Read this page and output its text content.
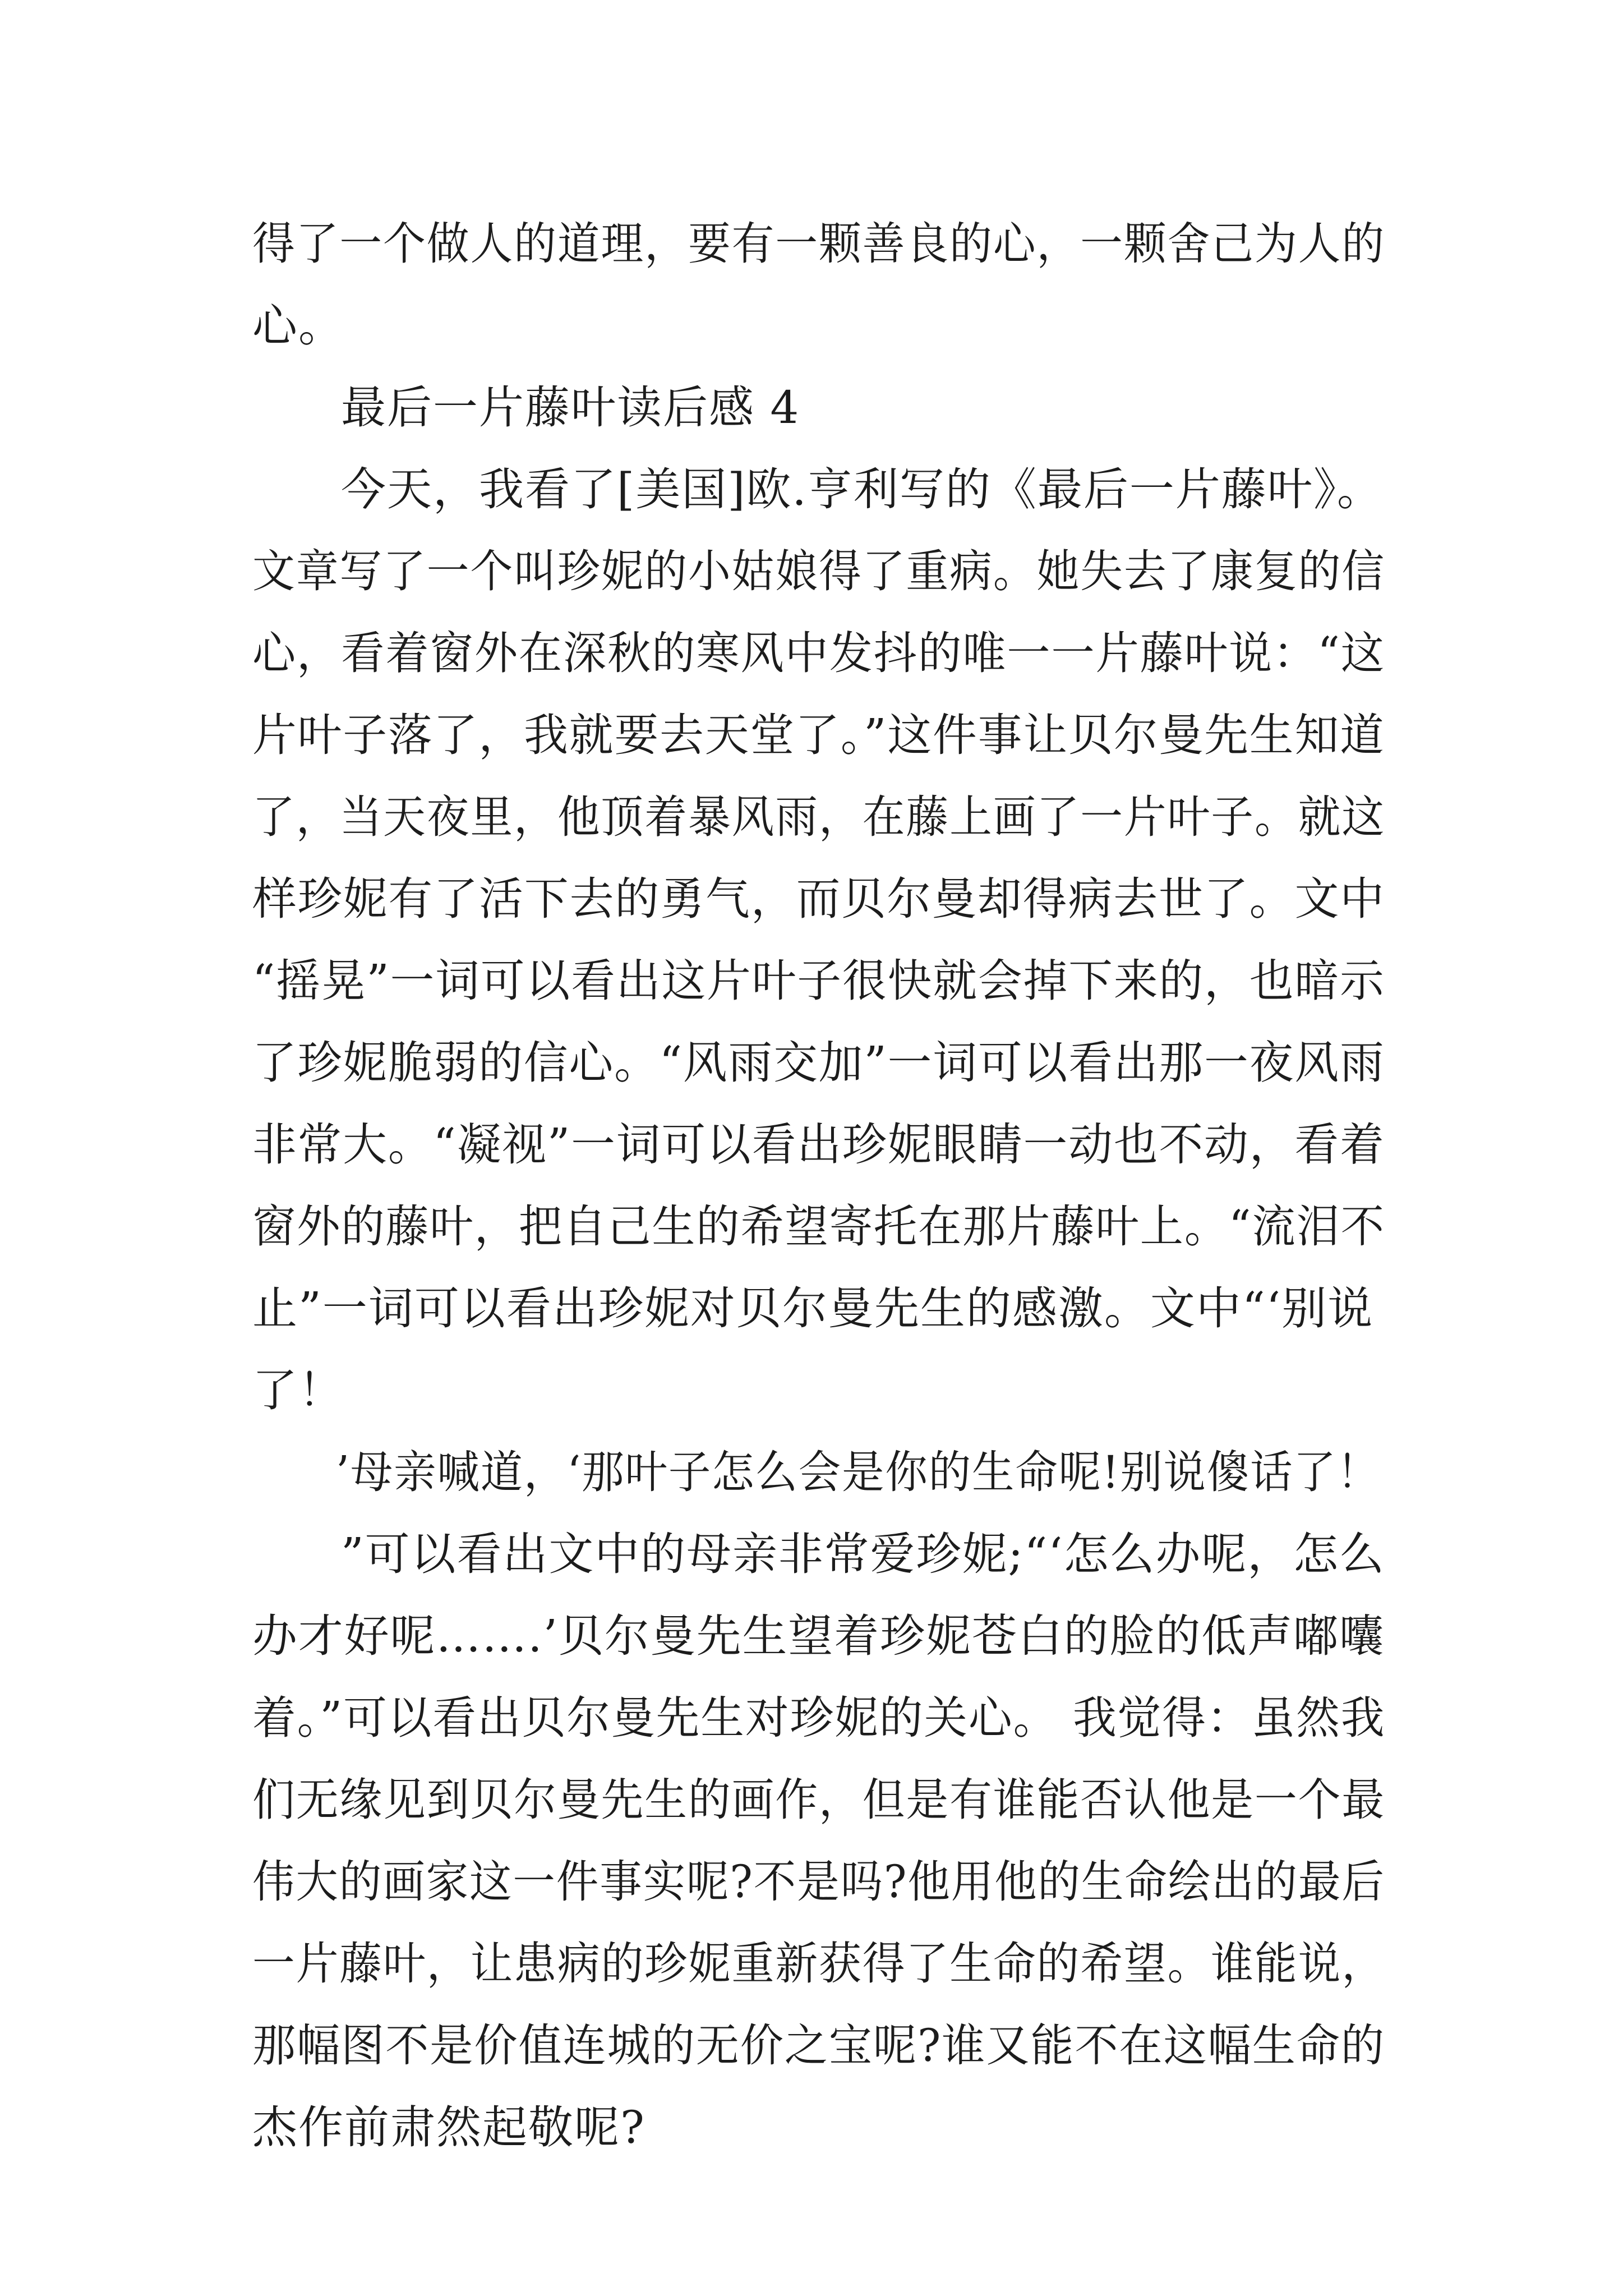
得了一个做人的道理，要有一颗善良的心，一颗舍己为人的
心。
最后一片藤叶读后感 4
今天，我看了[美国]欧.亨利写的《最后一片藤叶》。
文章写了一个叫珍妮的小姑娘得了重病。她失去了康复的信
心，看着窗外在深秋的寒风中发抖的唯一一片藤叶说：“这
片叶子落了，我就要去天堂了。”这件事让贝尔曼先生知道
了，当天夜里，他顶着暴风雨，在藤上画了一片叶子。就这
样珍妮有了活下去的勇气，而贝尔曼却得病去世了。文中
“摇晃”一词可以看出这片叶子很快就会掉下来的，也暗示
了珍妮脆弱的信心。“风雨交加”一词可以看出那一夜风雨
非常大。“凝视”一词可以看出珍妮眼睛一动也不动，看着
窗外的藤叶，把自己生的希望寄托在那片藤叶上。“流泪不
止”一词可以看出珍妮对贝尔曼先生的感激。文中“‘别说
了！
’母亲喊道，‘那叶子怎么会是你的生命呢!别说傻话了！
”可以看出文中的母亲非常爱珍妮;“‘怎么办呢，怎么
办才好呢…….’贝尔曼先生望着珍妮苍白的脸的低声嘟囔
着。”可以看出贝尔曼先生对珍妮的关心。 我觉得：虽然我
们无缘见到贝尔曼先生的画作，但是有谁能否认他是一个最
伟大的画家这一件事实呢?不是吗?他用他的生命绘出的最后
一片藤叶，让患病的珍妮重新获得了生命的希望。谁能说，
那幅图不是价值连城的无价之宝呢?谁又能不在这幅生命的
杰作前肃然起敬呢?
